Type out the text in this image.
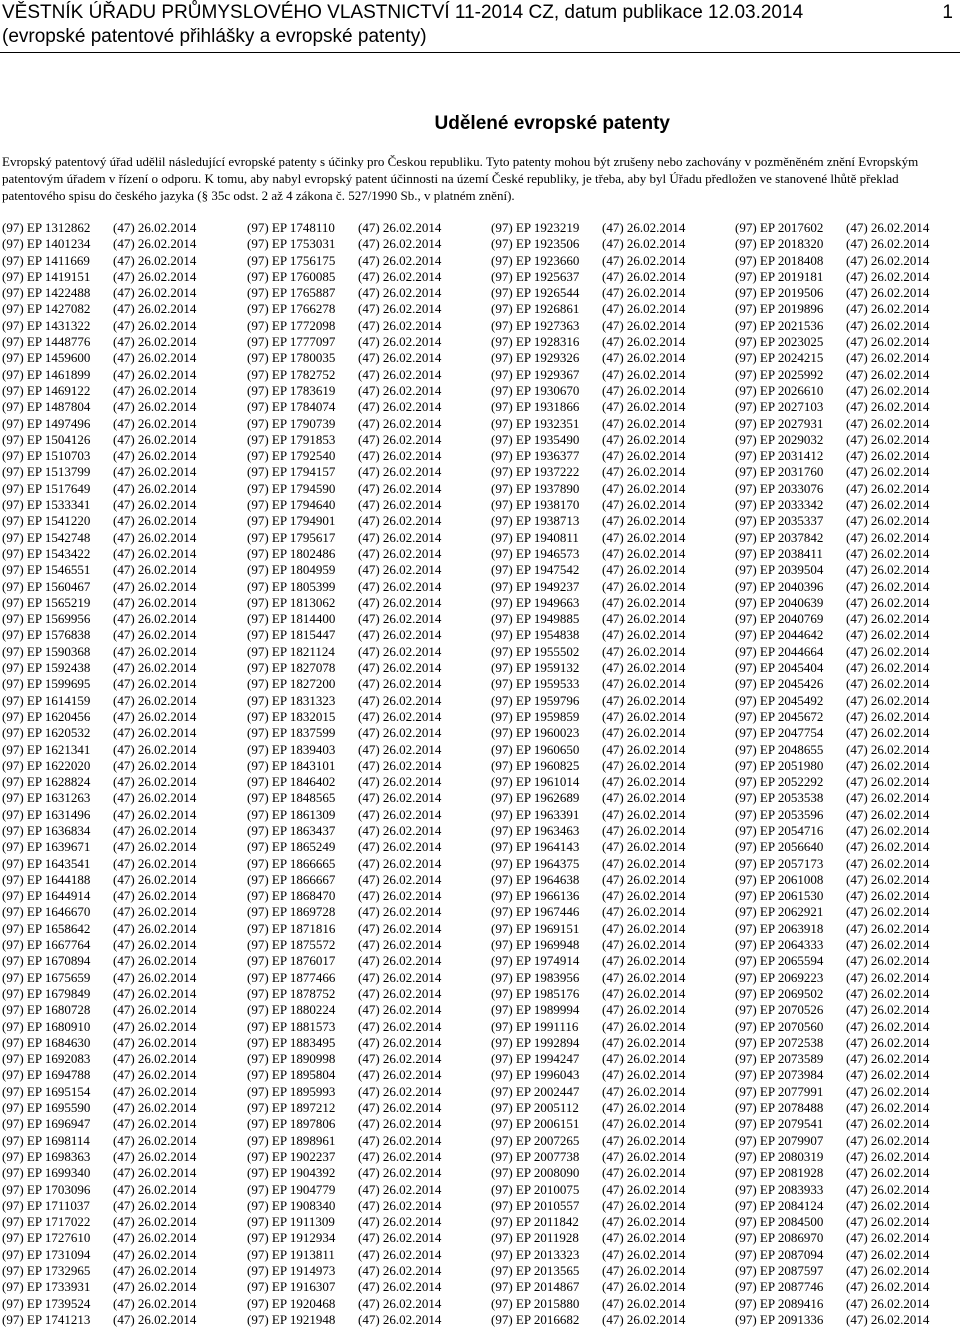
VĚSTNÍK ÚŘADU PRŮMYSLOVÉHO VLASTNICTVÍ 11-2014 CZ, datum publikace 12.03.2014
(evropské patentové přihlášky a evropské patenty)
1
Udělené evropské patenty
Evropský patentový úřad udělil následující evropské patenty s účinky pro Českou republiku. Tyto patenty mohou být zrušeny nebo zachovány v pozměněném znění Evropským patentovým úřadem v řízení o odporu. K tomu, aby nabyl evropský patent účinnosti na území České republiky, je třeba, aby byl Úřadu předložen ve stanovené lhůtě překlad patentového spisu do českého jazyka (§ 35c odst. 2 až 4 zákona č. 527/1990 Sb., v platném znění).
(97) EP 1312862 (47) 26.02.2014
(97) EP 1401234 (47) 26.02.2014
(97) EP 1411669 (47) 26.02.2014
(97) EP 1419151 (47) 26.02.2014
(97) EP 1422488 (47) 26.02.2014
(97) EP 1427082 (47) 26.02.2014
(97) EP 1431322 (47) 26.02.2014
(97) EP 1448776 (47) 26.02.2014
(97) EP 1459600 (47) 26.02.2014
(97) EP 1461899 (47) 26.02.2014
(97) EP 1469122 (47) 26.02.2014
(97) EP 1487804 (47) 26.02.2014
(97) EP 1497496 (47) 26.02.2014
(97) EP 1504126 (47) 26.02.2014
(97) EP 1510703 (47) 26.02.2014
(97) EP 1513799 (47) 26.02.2014
(97) EP 1517649 (47) 26.02.2014
(97) EP 1533341 (47) 26.02.2014
(97) EP 1541220 (47) 26.02.2014
(97) EP 1542748 (47) 26.02.2014
(97) EP 1543422 (47) 26.02.2014
(97) EP 1546551 (47) 26.02.2014
(97) EP 1560467 (47) 26.02.2014
(97) EP 1565219 (47) 26.02.2014
(97) EP 1569956 (47) 26.02.2014
(97) EP 1576838 (47) 26.02.2014
(97) EP 1590368 (47) 26.02.2014
(97) EP 1592438 (47) 26.02.2014
(97) EP 1599695 (47) 26.02.2014
(97) EP 1614159 (47) 26.02.2014
(97) EP 1620456 (47) 26.02.2014
(97) EP 1620532 (47) 26.02.2014
(97) EP 1621341 (47) 26.02.2014
(97) EP 1622020 (47) 26.02.2014
(97) EP 1628824 (47) 26.02.2014
(97) EP 1631263 (47) 26.02.2014
(97) EP 1631496 (47) 26.02.2014
(97) EP 1636834 (47) 26.02.2014
(97) EP 1639671 (47) 26.02.2014
(97) EP 1643541 (47) 26.02.2014
(97) EP 1644188 (47) 26.02.2014
(97) EP 1644914 (47) 26.02.2014
(97) EP 1646670 (47) 26.02.2014
(97) EP 1658642 (47) 26.02.2014
(97) EP 1667764 (47) 26.02.2014
(97) EP 1670894 (47) 26.02.2014
(97) EP 1675659 (47) 26.02.2014
(97) EP 1679849 (47) 26.02.2014
(97) EP 1680728 (47) 26.02.2014
(97) EP 1680910 (47) 26.02.2014
(97) EP 1684630 (47) 26.02.2014
(97) EP 1692083 (47) 26.02.2014
(97) EP 1694788 (47) 26.02.2014
(97) EP 1695154 (47) 26.02.2014
(97) EP 1695590 (47) 26.02.2014
(97) EP 1696947 (47) 26.02.2014
(97) EP 1698114 (47) 26.02.2014
(97) EP 1698363 (47) 26.02.2014
(97) EP 1699340 (47) 26.02.2014
(97) EP 1703096 (47) 26.02.2014
(97) EP 1711037 (47) 26.02.2014
(97) EP 1717022 (47) 26.02.2014
(97) EP 1727610 (47) 26.02.2014
(97) EP 1731094 (47) 26.02.2014
(97) EP 1732965 (47) 26.02.2014
(97) EP 1733931 (47) 26.02.2014
(97) EP 1739524 (47) 26.02.2014
(97) EP 1741213 (47) 26.02.2014
(97) EP 1748110 (47) 26.02.2014
(97) EP 1753031 (47) 26.02.2014
(97) EP 1756175 (47) 26.02.2014
(97) EP 1760085 (47) 26.02.2014
(97) EP 1765887 (47) 26.02.2014
(97) EP 1766278 (47) 26.02.2014
(97) EP 1772098 (47) 26.02.2014
(97) EP 1777097 (47) 26.02.2014
(97) EP 1780035 (47) 26.02.2014
(97) EP 1782752 (47) 26.02.2014
(97) EP 1783619 (47) 26.02.2014
(97) EP 1784074 (47) 26.02.2014
(97) EP 1790739 (47) 26.02.2014
(97) EP 1791853 (47) 26.02.2014
(97) EP 1792540 (47) 26.02.2014
(97) EP 1794157 (47) 26.02.2014
(97) EP 1794590 (47) 26.02.2014
(97) EP 1794640 (47) 26.02.2014
(97) EP 1794901 (47) 26.02.2014
(97) EP 1795617 (47) 26.02.2014
(97) EP 1802486 (47) 26.02.2014
(97) EP 1804959 (47) 26.02.2014
(97) EP 1805399 (47) 26.02.2014
(97) EP 1813062 (47) 26.02.2014
(97) EP 1814400 (47) 26.02.2014
(97) EP 1815447 (47) 26.02.2014
(97) EP 1821124 (47) 26.02.2014
(97) EP 1827078 (47) 26.02.2014
(97) EP 1827200 (47) 26.02.2014
(97) EP 1831323 (47) 26.02.2014
(97) EP 1832015 (47) 26.02.2014
(97) EP 1837599 (47) 26.02.2014
(97) EP 1839403 (47) 26.02.2014
(97) EP 1843101 (47) 26.02.2014
(97) EP 1846402 (47) 26.02.2014
(97) EP 1848565 (47) 26.02.2014
(97) EP 1861309 (47) 26.02.2014
(97) EP 1863437 (47) 26.02.2014
(97) EP 1865249 (47) 26.02.2014
(97) EP 1866665 (47) 26.02.2014
(97) EP 1866667 (47) 26.02.2014
(97) EP 1868470 (47) 26.02.2014
(97) EP 1869728 (47) 26.02.2014
(97) EP 1871816 (47) 26.02.2014
(97) EP 1875572 (47) 26.02.2014
(97) EP 1876017 (47) 26.02.2014
(97) EP 1877466 (47) 26.02.2014
(97) EP 1878752 (47) 26.02.2014
(97) EP 1880224 (47) 26.02.2014
(97) EP 1881573 (47) 26.02.2014
(97) EP 1883495 (47) 26.02.2014
(97) EP 1890998 (47) 26.02.2014
(97) EP 1895804 (47) 26.02.2014
(97) EP 1895993 (47) 26.02.2014
(97) EP 1897212 (47) 26.02.2014
(97) EP 1897806 (47) 26.02.2014
(97) EP 1898961 (47) 26.02.2014
(97) EP 1902237 (47) 26.02.2014
(97) EP 1904392 (47) 26.02.2014
(97) EP 1904779 (47) 26.02.2014
(97) EP 1908340 (47) 26.02.2014
(97) EP 1911309 (47) 26.02.2014
(97) EP 1912934 (47) 26.02.2014
(97) EP 1913811 (47) 26.02.2014
(97) EP 1914973 (47) 26.02.2014
(97) EP 1916307 (47) 26.02.2014
(97) EP 1920468 (47) 26.02.2014
(97) EP 1921948 (47) 26.02.2014
(97) EP 1923219 (47) 26.02.2014
(97) EP 1923506 (47) 26.02.2014
(97) EP 1923660 (47) 26.02.2014
(97) EP 1925637 (47) 26.02.2014
(97) EP 1926544 (47) 26.02.2014
(97) EP 1926861 (47) 26.02.2014
(97) EP 1927363 (47) 26.02.2014
(97) EP 1928316 (47) 26.02.2014
(97) EP 1929326 (47) 26.02.2014
(97) EP 1929367 (47) 26.02.2014
(97) EP 1930670 (47) 26.02.2014
(97) EP 1931866 (47) 26.02.2014
(97) EP 1932351 (47) 26.02.2014
(97) EP 1935490 (47) 26.02.2014
(97) EP 1936377 (47) 26.02.2014
(97) EP 1937222 (47) 26.02.2014
(97) EP 1937890 (47) 26.02.2014
(97) EP 1938170 (47) 26.02.2014
(97) EP 1938713 (47) 26.02.2014
(97) EP 1940811 (47) 26.02.2014
(97) EP 1946573 (47) 26.02.2014
(97) EP 1947542 (47) 26.02.2014
(97) EP 1949237 (47) 26.02.2014
(97) EP 1949663 (47) 26.02.2014
(97) EP 1949885 (47) 26.02.2014
(97) EP 1954838 (47) 26.02.2014
(97) EP 1955502 (47) 26.02.2014
(97) EP 1959132 (47) 26.02.2014
(97) EP 1959533 (47) 26.02.2014
(97) EP 1959796 (47) 26.02.2014
(97) EP 1959859 (47) 26.02.2014
(97) EP 1960023 (47) 26.02.2014
(97) EP 1960650 (47) 26.02.2014
(97) EP 1960825 (47) 26.02.2014
(97) EP 1961014 (47) 26.02.2014
(97) EP 1962689 (47) 26.02.2014
(97) EP 1963391 (47) 26.02.2014
(97) EP 1963463 (47) 26.02.2014
(97) EP 1964143 (47) 26.02.2014
(97) EP 1964375 (47) 26.02.2014
(97) EP 1964638 (47) 26.02.2014
(97) EP 1966136 (47) 26.02.2014
(97) EP 1967446 (47) 26.02.2014
(97) EP 1969151 (47) 26.02.2014
(97) EP 1969948 (47) 26.02.2014
(97) EP 1974914 (47) 26.02.2014
(97) EP 1983956 (47) 26.02.2014
(97) EP 1985176 (47) 26.02.2014
(97) EP 1989994 (47) 26.02.2014
(97) EP 1991116 (47) 26.02.2014
(97) EP 1992894 (47) 26.02.2014
(97) EP 1994247 (47) 26.02.2014
(97) EP 1996043 (47) 26.02.2014
(97) EP 2002447 (47) 26.02.2014
(97) EP 2005112 (47) 26.02.2014
(97) EP 2006151 (47) 26.02.2014
(97) EP 2007265 (47) 26.02.2014
(97) EP 2007738 (47) 26.02.2014
(97) EP 2008090 (47) 26.02.2014
(97) EP 2010075 (47) 26.02.2014
(97) EP 2010557 (47) 26.02.2014
(97) EP 2011842 (47) 26.02.2014
(97) EP 2011928 (47) 26.02.2014
(97) EP 2013323 (47) 26.02.2014
(97) EP 2013565 (47) 26.02.2014
(97) EP 2014867 (47) 26.02.2014
(97) EP 2015880 (47) 26.02.2014
(97) EP 2016682 (47) 26.02.2014
(97) EP 2017602 (47) 26.02.2014
(97) EP 2018320 (47) 26.02.2014
(97) EP 2018408 (47) 26.02.2014
(97) EP 2019181 (47) 26.02.2014
(97) EP 2019506 (47) 26.02.2014
(97) EP 2019896 (47) 26.02.2014
(97) EP 2021536 (47) 26.02.2014
(97) EP 2023025 (47) 26.02.2014
(97) EP 2024215 (47) 26.02.2014
(97) EP 2025992 (47) 26.02.2014
(97) EP 2026610 (47) 26.02.2014
(97) EP 2027103 (47) 26.02.2014
(97) EP 2027931 (47) 26.02.2014
(97) EP 2029032 (47) 26.02.2014
(97) EP 2031412 (47) 26.02.2014
(97) EP 2031760 (47) 26.02.2014
(97) EP 2033076 (47) 26.02.2014
(97) EP 2033342 (47) 26.02.2014
(97) EP 2035337 (47) 26.02.2014
(97) EP 2037842 (47) 26.02.2014
(97) EP 2038411 (47) 26.02.2014
(97) EP 2039504 (47) 26.02.2014
(97) EP 2040396 (47) 26.02.2014
(97) EP 2040639 (47) 26.02.2014
(97) EP 2040769 (47) 26.02.2014
(97) EP 2044642 (47) 26.02.2014
(97) EP 2044664 (47) 26.02.2014
(97) EP 2045404 (47) 26.02.2014
(97) EP 2045426 (47) 26.02.2014
(97) EP 2045492 (47) 26.02.2014
(97) EP 2045672 (47) 26.02.2014
(97) EP 2047754 (47) 26.02.2014
(97) EP 2048655 (47) 26.02.2014
(97) EP 2051980 (47) 26.02.2014
(97) EP 2052292 (47) 26.02.2014
(97) EP 2053538 (47) 26.02.2014
(97) EP 2053596 (47) 26.02.2014
(97) EP 2054716 (47) 26.02.2014
(97) EP 2056640 (47) 26.02.2014
(97) EP 2057173 (47) 26.02.2014
(97) EP 2061008 (47) 26.02.2014
(97) EP 2061530 (47) 26.02.2014
(97) EP 2062921 (47) 26.02.2014
(97) EP 2063918 (47) 26.02.2014
(97) EP 2064333 (47) 26.02.2014
(97) EP 2065594 (47) 26.02.2014
(97) EP 2069223 (47) 26.02.2014
(97) EP 2069502 (47) 26.02.2014
(97) EP 2070526 (47) 26.02.2014
(97) EP 2070560 (47) 26.02.2014
(97) EP 2072538 (47) 26.02.2014
(97) EP 2073589 (47) 26.02.2014
(97) EP 2073984 (47) 26.02.2014
(97) EP 2077991 (47) 26.02.2014
(97) EP 2078488 (47) 26.02.2014
(97) EP 2079541 (47) 26.02.2014
(97) EP 2079907 (47) 26.02.2014
(97) EP 2080319 (47) 26.02.2014
(97) EP 2081928 (47) 26.02.2014
(97) EP 2083933 (47) 26.02.2014
(97) EP 2084124 (47) 26.02.2014
(97) EP 2084500 (47) 26.02.2014
(97) EP 2086970 (47) 26.02.2014
(97) EP 2087094 (47) 26.02.2014
(97) EP 2087597 (47) 26.02.2014
(97) EP 2087746 (47) 26.02.2014
(97) EP 2089416 (47) 26.02.2014
(97) EP 2091336 (47) 26.02.2014
